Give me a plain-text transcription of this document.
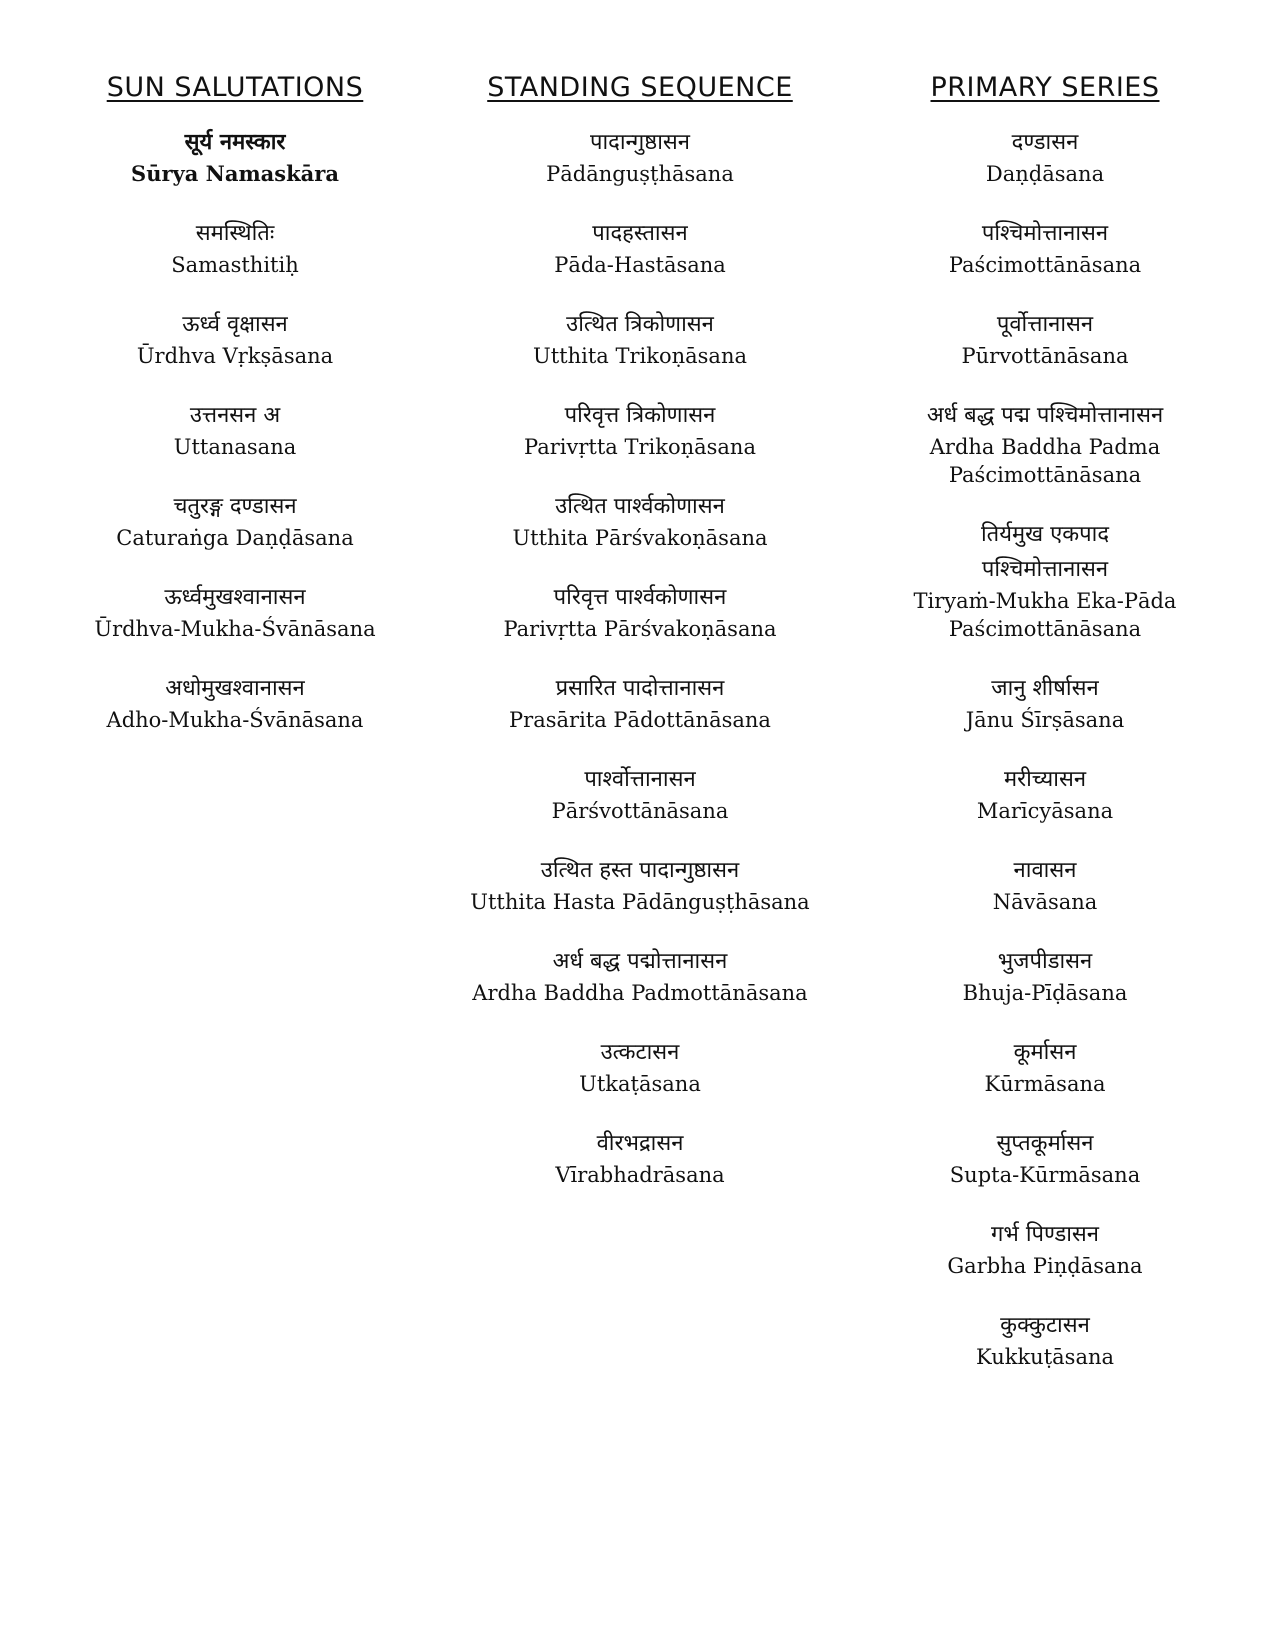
SUN SALUTATIONS
सूर्य नमस्कार
Sūrya Namaskāra
समस्थितिः
Samasthitiḥ
ऊर्ध्व वृक्षासन
Ūrdhva Vṛkṣāsana
उत्तनसन अ
Uttanasana
चतुरङ्ग दण्डासन
Caturaṅga Daṇḍāsana
ऊर्ध्वमुखश्वानासन
Ūrdhva-Mukha-Śvānāsana
अधोमुखश्वानासन
Adho-Mukha-Śvānāsana
STANDING SEQUENCE
पादान्गुष्ठासन
Pādānguṣṭhāsana
पादहस्तासन
Pāda-Hastāsana
उत्थित त्रिकोणासन
Utthita Trikoṇāsana
परिवृत्त त्रिकोणासन
Parivṛtta Trikoṇāsana
उत्थित पार्श्वकोणासन
Utthita Pārśvakoṇāsana
परिवृत्त पार्श्वकोणासन
Parivṛtta Pārśvakoṇāsana
प्रसारित पादोत्तानासन
Prasārita Pādottānāsana
पार्श्वोत्तानासन
Pārśvottānāsana
उत्थित हस्त पादान्गुष्ठासन
Utthita Hasta Pādānguṣṭhāsana
अर्ध बद्ध पद्मोत्तानासन
Ardha Baddha Padmottānāsana
उत्कटासन
Utkaṭāsana
वीरभद्रासन
Vīrabhadrāsana
PRIMARY SERIES
दण्डासन
Daṇḍāsana
पश्चिमोत्तानासन
Paścimottānāsana
पूर्वोत्तानासन
Pūrvottānāsana
अर्ध बद्ध पद्म पश्चिमोत्तानासन
Ardha Baddha Padma
Paścimottānāsana
तिर्यमुख एकपाद
पश्चिमोत्तानासन
Tiryaṁ-Mukha Eka-Pāda
Paścimottānāsana
जानु शीर्षासन
Jānu Śīrṣāsana
मरीच्यासन
Marīcyāsana
नावासन
Nāvāsana
भुजपीडासन
Bhuja-Pīḍāsana
कूर्मासन
Kūrmāsana
सुप्तकूर्मासन
Supta-Kūrmāsana
गर्भ पिण्डासन
Garbha Piṇḍāsana
कुक्कुटासन
Kukkuṭāsana
